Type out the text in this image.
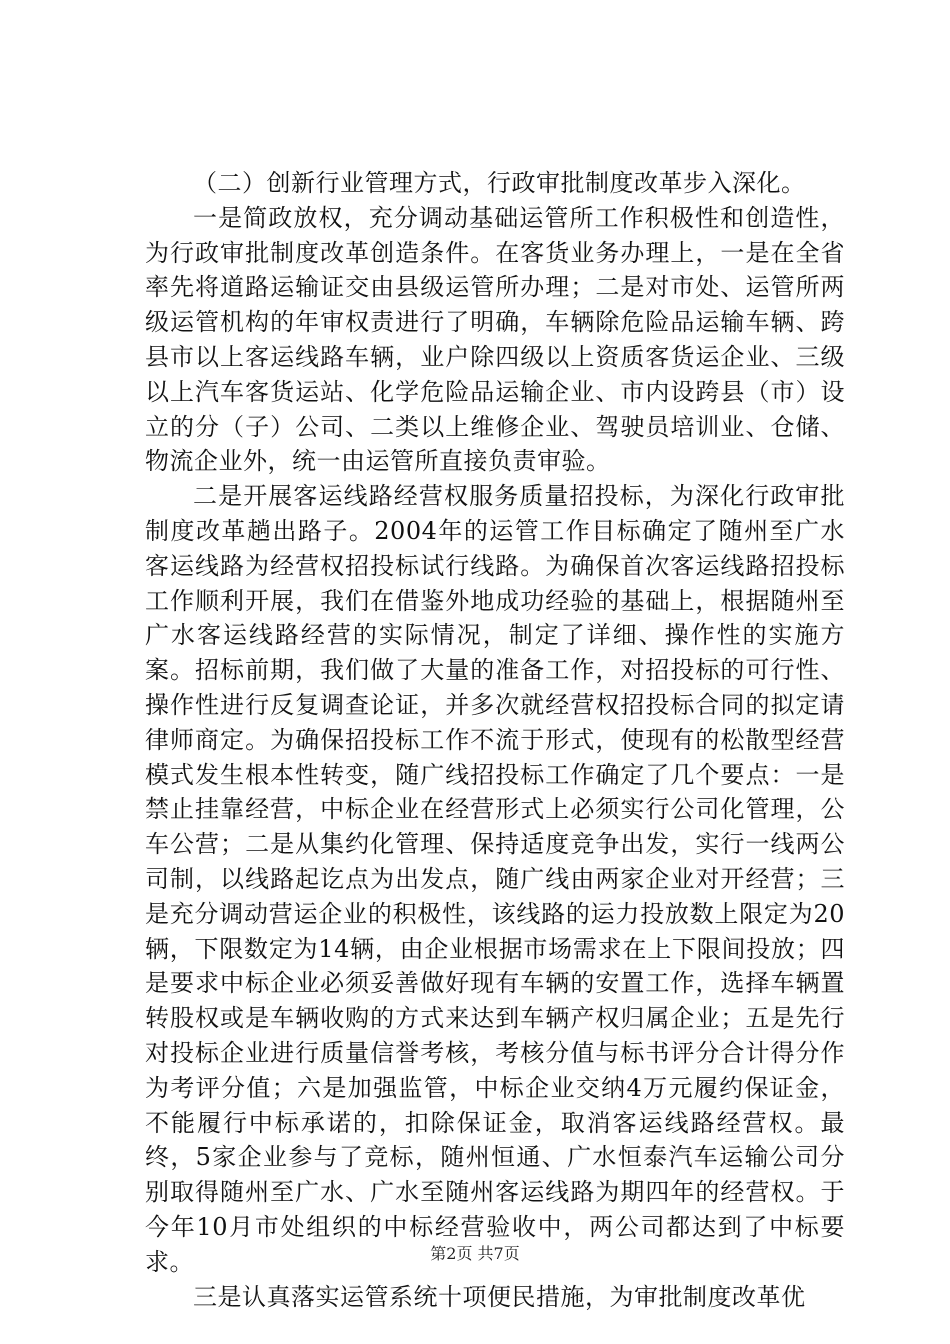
（二）创新行业管理方式，行政审批制度改革步入深化。

一是简政放权，充分调动基础运管所工作积极性和创造性，为行政审批制度改革创造条件。在客货业务办理上，一是在全省率先将道路运输证交由县级运管所办理；二是对市处、运管所两级运管机构的年审权责进行了明确，车辆除危险品运输车辆、跨县市以上客运线路车辆，业户除四级以上资质客货运企业、三级以上汽车客货运站、化学危险品运输企业、市内设跨县（市）设立的分（子）公司、二类以上维修企业、驾驶员培训业、仓储、物流企业外，统一由运管所直接负责审验。

二是开展客运线路经营权服务质量招投标，为深化行政审批制度改革趟出路子。2004年的运管工作目标确定了随州至广水客运线路为经营权招投标试行线路。为确保首次客运线路招投标工作顺利开展，我们在借鉴外地成功经验的基础上，根据随州至广水客运线路经营的实际情况，制定了详细、操作性的实施方案。招标前期，我们做了大量的准备工作，对招投标的可行性、操作性进行反复调查论证，并多次就经营权招投标合同的拟定请律师商定。为确保招投标工作不流于形式，使现有的松散型经营模式发生根本性转变，随广线招投标工作确定了几个要点：一是禁止挂靠经营，中标企业在经营形式上必须实行公司化管理，公车公营；二是从集约化管理、保持适度竞争出发，实行一线两公司制，以线路起讫点为出发点，随广线由两家企业对开经营；三是充分调动营运企业的积极性，该线路的运力投放数上限定为20辆，下限数定为14辆，由企业根据市场需求在上下限间投放；四是要求中标企业必须妥善做好现有车辆的安置工作，选择车辆置转股权或是车辆收购的方式来达到车辆产权归属企业；五是先行对投标企业进行质量信誉考核，考核分值与标书评分合计得分作为考评分值；六是加强监管，中标企业交纳4万元履约保证金，不能履行中标承诺的，扣除保证金，取消客运线路经营权。最终，5家企业参与了竞标，随州恒通、广水恒泰汽车运输公司分别取得随州至广水、广水至随州客运线路为期四年的经营权。于今年10月市处组织的中标经营验收中，两公司都达到了中标要求。

三是认真落实运管系统十项便民措施，为审批制度改革优

第2页 共7页
